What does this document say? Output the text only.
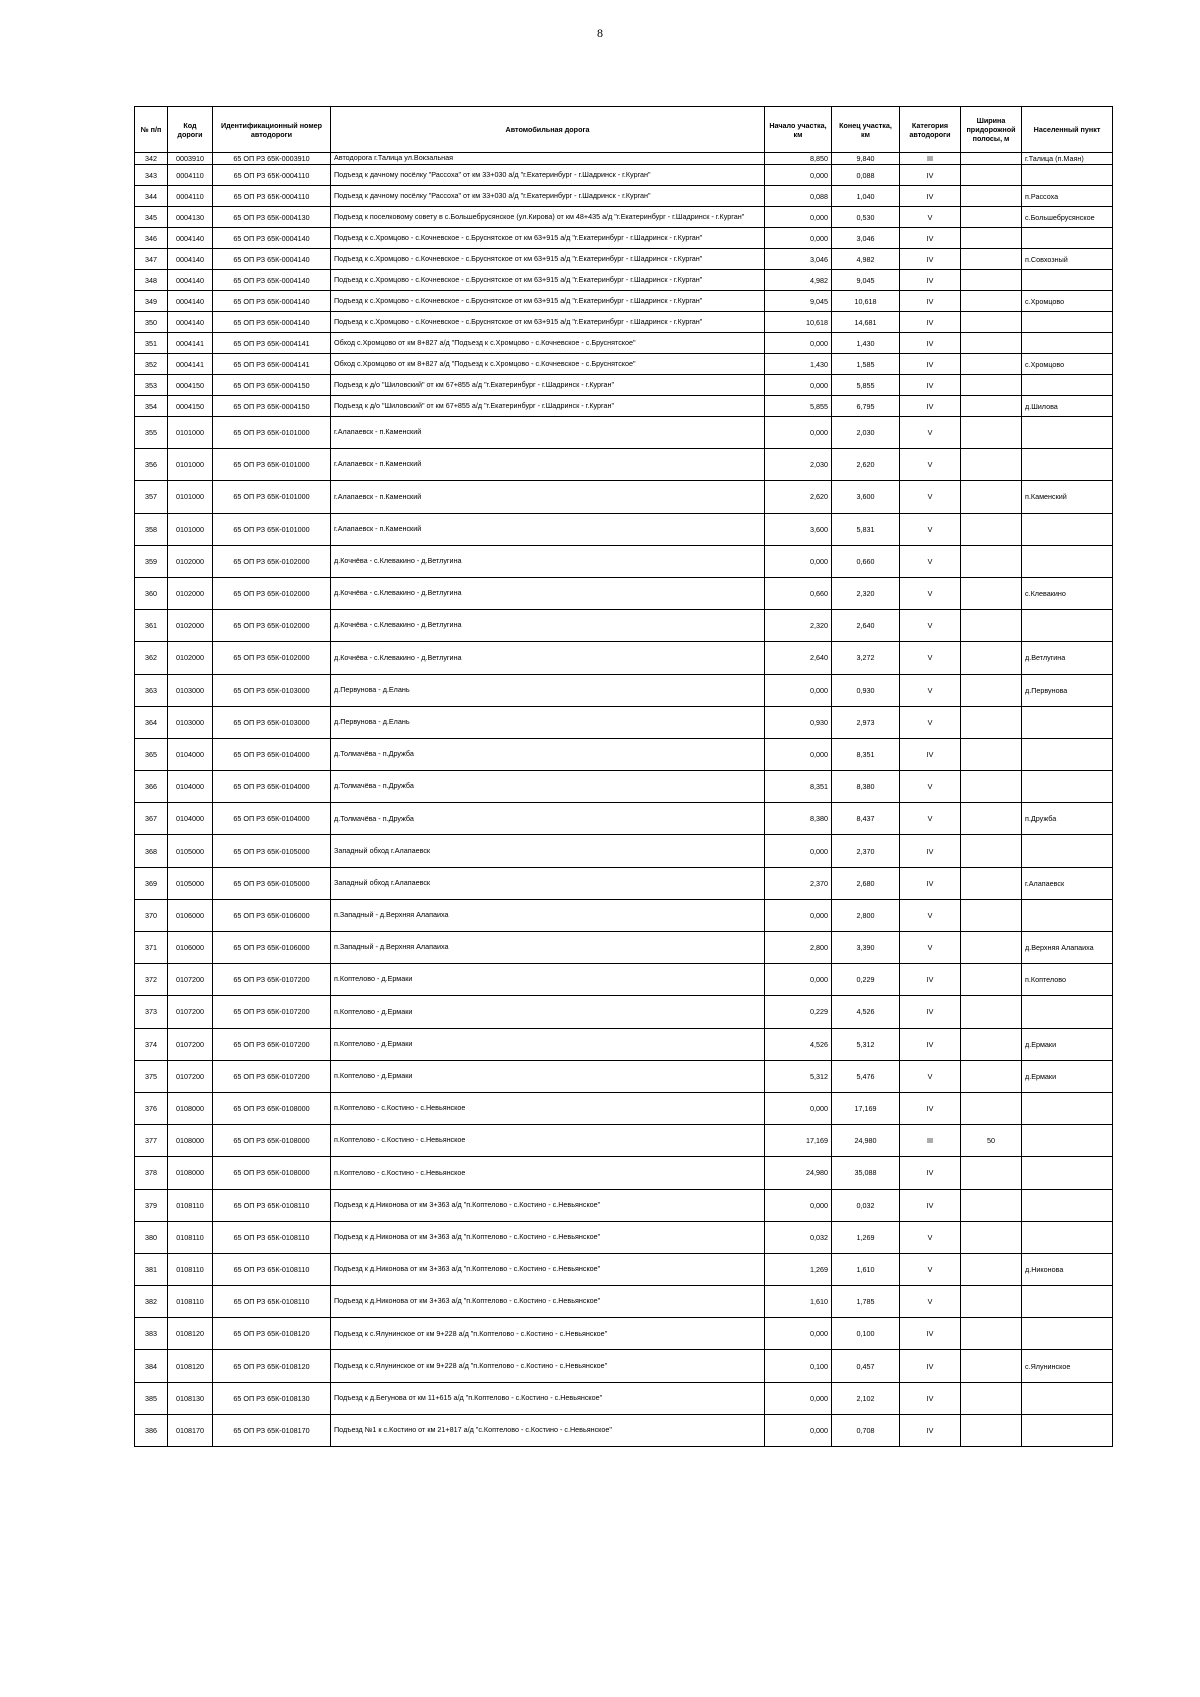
8
№ п/п	Код дороги	Идентификационный номер автодороги	Автомобильная дорога	Начало участка, км	Конец участка, км	Категория автодороги	Ширина придорожной полосы, м	Населенный пункт
342	0003910	65 ОП РЗ 65К-0003910	Автодорога г.Талица ул.Вокзальная	8,850	9,840	III		г.Талица (п.Маян)
343	0004110	65 ОП РЗ 65К-0004110	Подъезд к дачному посёлку "Рассоха" от км 33+030 а/д "г.Екатеринбург - г.Шадринск - г.Курган"	0,000	0,088	IV		
344	0004110	65 ОП РЗ 65К-0004110	Подъезд к дачному посёлку "Рассоха" от км 33+030 а/д "г.Екатеринбург - г.Шадринск - г.Курган"	0,088	1,040	IV		п.Рассоха
345	0004130	65 ОП РЗ 65К-0004130	Подъезд к поселковому совету в с.Большебрусянское (ул.Кирова) от км 48+435 а/д "г.Екатеринбург - г.Шадринск - г.Курган"	0,000	0,530	V		с.Большебрусянское
346	0004140	65 ОП РЗ 65К-0004140	Подъезд к с.Хромцово - с.Кочневское - с.Бруснятское от км 63+915 а/д "г.Екатеринбург - г.Шадринск - г.Курган"	0,000	3,046	IV		
347	0004140	65 ОП РЗ 65К-0004140	Подъезд к с.Хромцово - с.Кочневское - с.Бруснятское от км 63+915 а/д "г.Екатеринбург - г.Шадринск - г.Курган"	3,046	4,982	IV		п.Совхозный
348	0004140	65 ОП РЗ 65К-0004140	Подъезд к с.Хромцово - с.Кочневское - с.Бруснятское от км 63+915 а/д "г.Екатеринбург - г.Шадринск - г.Курган"	4,982	9,045	IV		
349	0004140	65 ОП РЗ 65К-0004140	Подъезд к с.Хромцово - с.Кочневское - с.Бруснятское от км 63+915 а/д "г.Екатеринбург - г.Шадринск - г.Курган"	9,045	10,618	IV		с.Хромцово
350	0004140	65 ОП РЗ 65К-0004140	Подъезд к с.Хромцово - с.Кочневское - с.Бруснятское от км 63+915 а/д "г.Екатеринбург - г.Шадринск - г.Курган"	10,618	14,681	IV		
351	0004141	65 ОП РЗ 65К-0004141	Обход с.Хромцово от км 8+827 а/д "Подъезд к с.Хромцово - с.Кочневское - с.Бруснятское"	0,000	1,430	IV		
352	0004141	65 ОП РЗ 65К-0004141	Обход с.Хромцово от км 8+827 а/д "Подъезд к с.Хромцово - с.Кочневское - с.Бруснятское"	1,430	1,585	IV		с.Хромцово
353	0004150	65 ОП РЗ 65К-0004150	Подъезд к д/о "Шиловский" от км 67+855 а/д "г.Екатеринбург - г.Шадринск - г.Курган"	0,000	5,855	IV		
354	0004150	65 ОП РЗ 65К-0004150	Подъезд к д/о "Шиловский" от км 67+855 а/д "г.Екатеринбург - г.Шадринск - г.Курган"	5,855	6,795	IV		д.Шилова
355	0101000	65 ОП РЗ 65К-0101000	г.Алапаевск - п.Каменский	0,000	2,030	V		
356	0101000	65 ОП РЗ 65К-0101000	г.Алапаевск - п.Каменский	2,030	2,620	V		
357	0101000	65 ОП РЗ 65К-0101000	г.Алапаевск - п.Каменский	2,620	3,600	V		п.Каменский
358	0101000	65 ОП РЗ 65К-0101000	г.Алапаевск - п.Каменский	3,600	5,831	V		
359	0102000	65 ОП РЗ 65К-0102000	д.Кочнёва - с.Клевакино - д.Ветлугина	0,000	0,660	V		
360	0102000	65 ОП РЗ 65К-0102000	д.Кочнёва - с.Клевакино - д.Ветлугина	0,660	2,320	V		с.Клевакино
361	0102000	65 ОП РЗ 65К-0102000	д.Кочнёва - с.Клевакино - д.Ветлугина	2,320	2,640	V		
362	0102000	65 ОП РЗ 65К-0102000	д.Кочнёва - с.Клевакино - д.Ветлугина	2,640	3,272	V		д.Ветлугина
363	0103000	65 ОП РЗ 65К-0103000	д.Первунова - д.Елань	0,000	0,930	V		д.Первунова
364	0103000	65 ОП РЗ 65К-0103000	д.Первунова - д.Елань	0,930	2,973	V		
365	0104000	65 ОП РЗ 65К-0104000	д.Толмачёва - п.Дружба	0,000	8,351	IV		
366	0104000	65 ОП РЗ 65К-0104000	д.Толмачёва - п.Дружба	8,351	8,380	V		
367	0104000	65 ОП РЗ 65К-0104000	д.Толмачёва - п.Дружба	8,380	8,437	V		п.Дружба
368	0105000	65 ОП РЗ 65К-0105000	Западный обход г.Алапаевск	0,000	2,370	IV		
369	0105000	65 ОП РЗ 65К-0105000	Западный обход г.Алапаевск	2,370	2,680	IV		г.Алапаевск
370	0106000	65 ОП РЗ 65К-0106000	п.Западный - д.Верхняя Алапаиха	0,000	2,800	V		
371	0106000	65 ОП РЗ 65К-0106000	п.Западный - д.Верхняя Алапаиха	2,800	3,390	V		д.Верхняя Алапаиха
372	0107200	65 ОП РЗ 65К-0107200	п.Коптелово - д.Ермаки	0,000	0,229	IV		п.Коптелово
373	0107200	65 ОП РЗ 65К-0107200	п.Коптелово - д.Ермаки	0,229	4,526	IV		
374	0107200	65 ОП РЗ 65К-0107200	п.Коптелово - д.Ермаки	4,526	5,312	IV		д.Ермаки
375	0107200	65 ОП РЗ 65К-0107200	п.Коптелово - д.Ермаки	5,312	5,476	V		д.Ермаки
376	0108000	65 ОП РЗ 65К-0108000	п.Коптелово - с.Костино - с.Невьянское	0,000	17,169	IV		
377	0108000	65 ОП РЗ 65К-0108000	п.Коптелово - с.Костино - с.Невьянское	17,169	24,980	III	50	
378	0108000	65 ОП РЗ 65К-0108000	п.Коптелово - с.Костино - с.Невьянское	24,980	35,088	IV		
379	0108110	65 ОП РЗ 65К-0108110	Подъезд к д.Никонова от км 3+363 а/д "п.Коптелово - с.Костино - с.Невьянское"	0,000	0,032	IV		
380	0108110	65 ОП РЗ 65К-0108110	Подъезд к д.Никонова от км 3+363 а/д "п.Коптелово - с.Костино - с.Невьянское"	0,032	1,269	V		
381	0108110	65 ОП РЗ 65К-0108110	Подъезд к д.Никонова от км 3+363 а/д "п.Коптелово - с.Костино - с.Невьянское"	1,269	1,610	V		д.Никонова
382	0108110	65 ОП РЗ 65К-0108110	Подъезд к д.Никонова от км 3+363 а/д "п.Коптелово - с.Костино - с.Невьянское"	1,610	1,785	V		
383	0108120	65 ОП РЗ 65К-0108120	Подъезд к с.Ялунинское от км 9+228 а/д "п.Коптелово - с.Костино - с.Невьянское"	0,000	0,100	IV		
384	0108120	65 ОП РЗ 65К-0108120	Подъезд к с.Ялунинское от км 9+228 а/д "п.Коптелово - с.Костино - с.Невьянское"	0,100	0,457	IV		с.Ялунинское
385	0108130	65 ОП РЗ 65К-0108130	Подъезд к д.Бегунова от км 11+615 а/д "п.Коптелово - с.Костино - с.Невьянское"	0,000	2,102	IV		
386	0108170	65 ОП РЗ 65К-0108170	Подъезд №1 к с.Костино от км 21+817 а/д "с.Коптелово - с.Костино - с.Невьянское"	0,000	0,708	IV		
